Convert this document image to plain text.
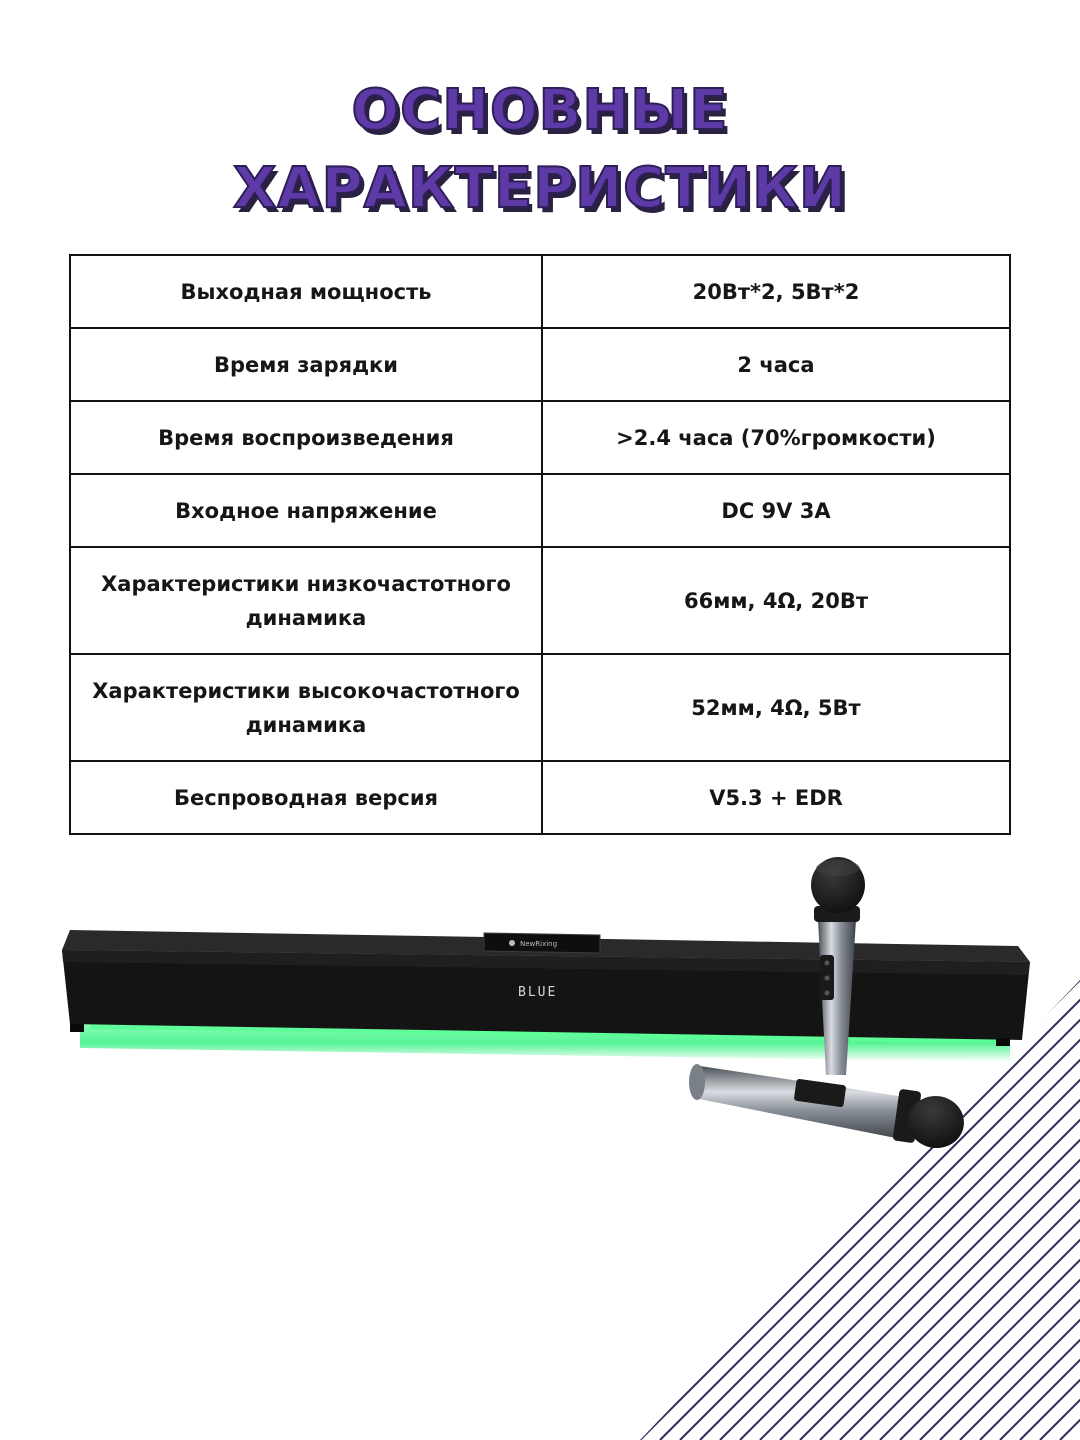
ОСНОВНЫЕ
ХАРАКТЕРИСТИКИ
Выходная мощность	20Вт*2, 5Вт*2
Время зарядки	2 часа
Время воспроизведения	>2.4 часа (70%громкости)
Входное напряжение	DC 9V 3A
Характеристики низкочастотного динамика	66мм, 4Ω, 20Вт
Характеристики высокочастотного динамика	52мм, 4Ω, 5Вт
Беспроводная версия	V5.3 + EDR
NewRixing
BLUE
